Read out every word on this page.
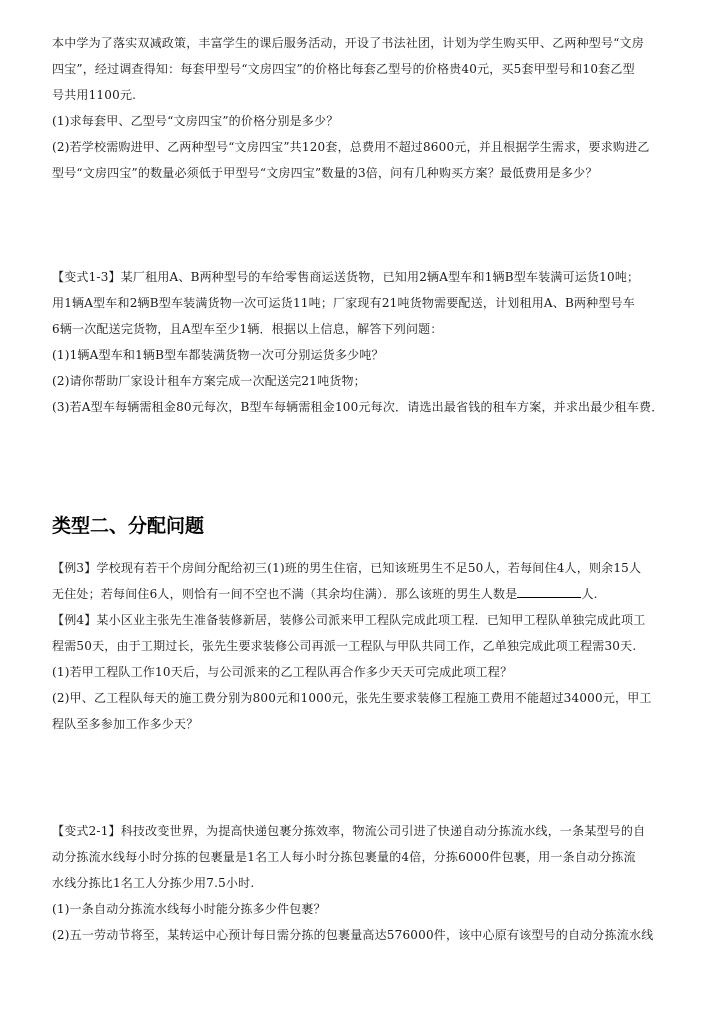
本中学为了落实双减政策，丰富学生的课后服务活动，开设了书法社团，计划为学生购买甲、乙两种型号“文房
四宝”，经过调查得知：每套甲型号“文房四宝”的价格比每套乙型号的价格贵40元，买5套甲型号和10套乙型
号共用1100元.
(1)求每套甲、乙型号“文房四宝”的价格分别是多少？
(2)若学校需购进甲、乙两种型号“文房四宝”共120套，总费用不超过8600元，并且根据学生需求，要求购进乙
型号“文房四宝”的数量必须低于甲型号“文房四宝”数量的3倍，问有几种购买方案？最低费用是多少？
【变式1-3】某厂租用A、B两种型号的车给零售商运送货物，已知用2辆A型车和1辆B型车装满可运货10吨；
用1辆A型车和2辆B型车装满货物一次可运货11吨；厂家现有21吨货物需要配送，计划租用A、B两种型号车
6辆一次配送完货物，且A型车至少1辆．根据以上信息，解答下列问题：
(1)1辆A型车和1辆B型车都装满货物一次可分别运货多少吨？
(2)请你帮助厂家设计租车方案完成一次配送完21吨货物；
(3)若A型车每辆需租金80元每次，B型车每辆需租金100元每次．请选出最省钱的租车方案，并求出最少租车费．
类型二、分配问题
【例3】学校现有若干个房间分配给初三(1)班的男生住宿，已知该班男生不足50人，若每间住4人，则余15人
无住处；若每间住6人，则恰有一间不空也不满（其余均住满）．那么该班的男生人数是	人.
【例4】某小区业主张先生准备装修新居，装修公司派来甲工程队完成此项工程．已知甲工程队单独完成此项工
程需50天，由于工期过长，张先生要求装修公司再派一工程队与甲队共同工作，乙单独完成此项工程需30天.
(1)若甲工程队工作10天后，与公司派来的乙工程队再合作多少天天可完成此项工程？
(2)甲、乙工程队每天的施工费分别为800元和1000元，张先生要求装修工程施工费用不能超过34000元，甲工
程队至多参加工作多少天？
【变式2-1】科技改变世界，为提高快递包裹分拣效率，物流公司引进了快递自动分拣流水线，一条某型号的自
动分拣流水线每小时分拣的包裹量是1名工人每小时分拣包裹量的4倍，分拣6000件包裹，用一条自动分拣流
水线分拣比1名工人分拣少用7.5小时.
(1)一条自动分拣流水线每小时能分拣多少件包裹？
(2)五一劳动节将至，某转运中心预计每日需分拣的包裹量高达576000件，该中心原有该型号的自动分拣流水线
